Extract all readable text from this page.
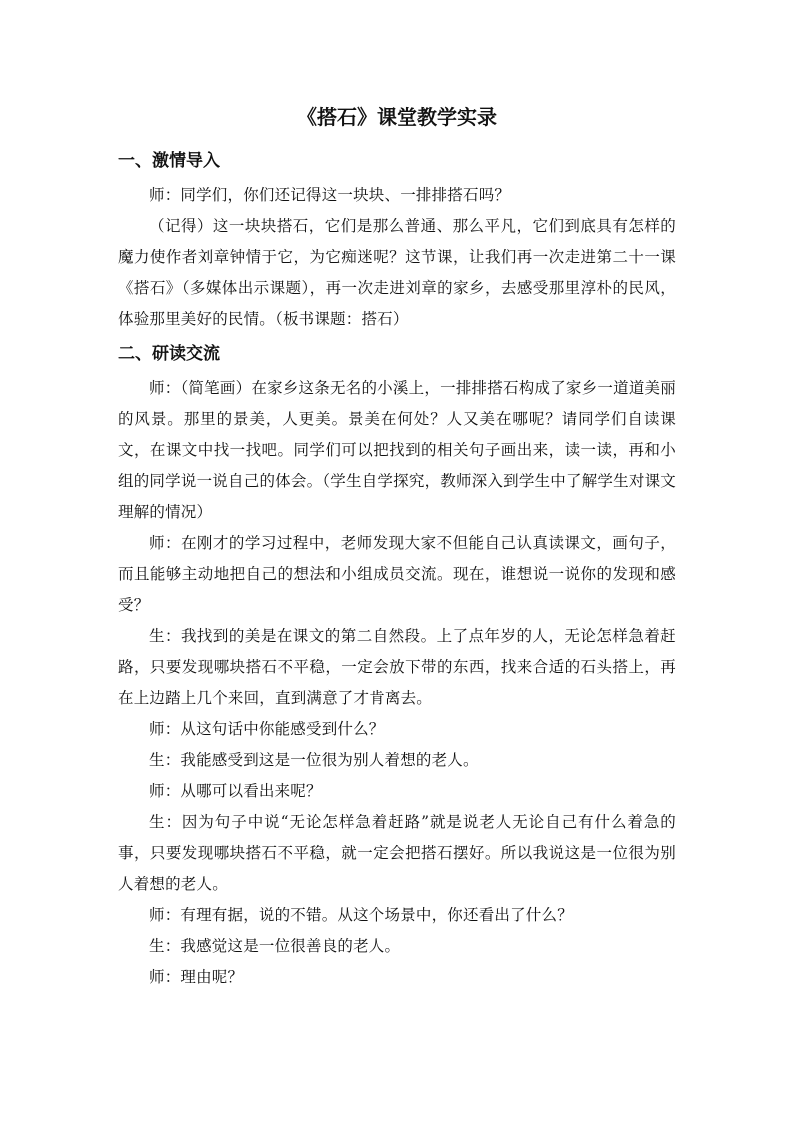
《搭石》课堂教学实录
一、激情导入

师：同学们，你们还记得这一块块、一排排搭石吗？

（记得）这一块块搭石，它们是那么普通、那么平凡，它们到底具有怎样的魔力使作者刘章钟情于它，为它痴迷呢？这节课，让我们再一次走进第二十一课《搭石》（多媒体出示课题），再一次走进刘章的家乡，去感受那里淳朴的民风，体验那里美好的民情。（板书课题：搭石）

二、研读交流

师：（简笔画）在家乡这条无名的小溪上，一排排搭石构成了家乡一道道美丽的风景。那里的景美，人更美。景美在何处？人又美在哪呢？请同学们自读课文，在课文中找一找吧。同学们可以把找到的相关句子画出来，读一读，再和小组的同学说一说自己的体会。（学生自学探究，教师深入到学生中了解学生对课文理解的情况）

师：在刚才的学习过程中，老师发现大家不但能自己认真读课文，画句子，而且能够主动地把自己的想法和小组成员交流。现在，谁想说一说你的发现和感受？

生：我找到的美是在课文的第二自然段。上了点年岁的人，无论怎样急着赶路，只要发现哪块搭石不平稳，一定会放下带的东西，找来合适的石头搭上，再在上边踏上几个来回，直到满意了才肯离去。

师：从这句话中你能感受到什么？

生：我能感受到这是一位很为别人着想的老人。

师：从哪可以看出来呢？

生：因为句子中说“无论怎样急着赶路”就是说老人无论自己有什么着急的事，只要发现哪块搭石不平稳，就一定会把搭石摆好。所以我说这是一位很为别人着想的老人。

师：有理有据，说的不错。从这个场景中，你还看出了什么？

生：我感觉这是一位很善良的老人。

师：理由呢？
